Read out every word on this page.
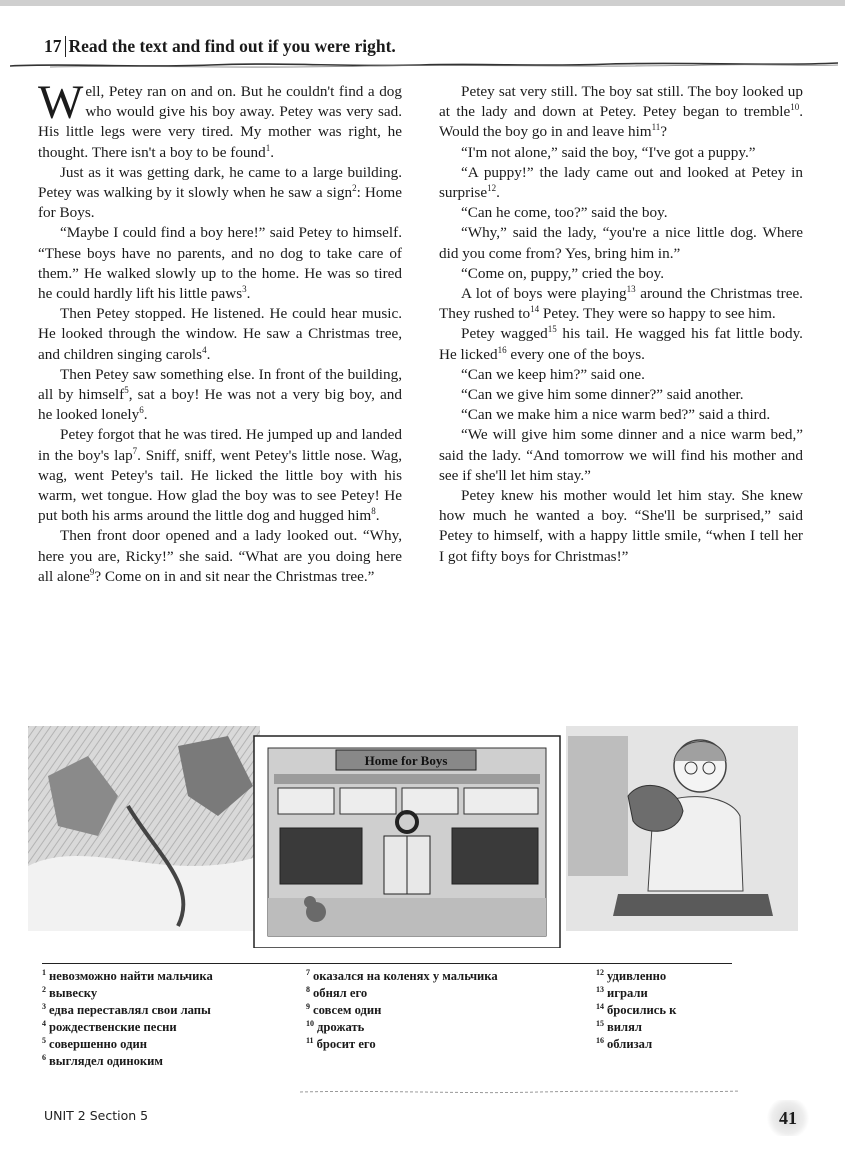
17 Read the text and find out if you were right.

Well, Petey ran on and on. But he couldn't find a dog who would give his boy away. Petey was very sad. His little legs were very tired. My mother was right, he thought. There isn't a boy to be found$^1$.

Just as it was getting dark, he came to a large building. Petey was walking by it slowly when he saw a sign$^2$: Home for Boys.

“Maybe I could find a boy here!” said Petey to himself. “These boys have no parents, and no dog to take care of them.” He walked slowly up to the home. He was so tired he could hardly lift his little paws$^3$.

Then Petey stopped. He listened. He could hear music. He looked through the window. He saw a Christmas tree, and children singing carols$^4$.

Then Petey saw something else. In front of the building, all by himself$^5$, sat a boy! He was not a very big boy, and he looked lonely$^6$.

Petey forgot that he was tired. He jumped up and landed in the boy's lap$^7$. Sniff, sniff, went Petey's little nose. Wag, wag, went Petey's tail. He licked the little boy with his warm, wet tongue. How glad the boy was to see Petey! He put both his arms around the little dog and hugged him$^8$.

Then front door opened and a lady looked out. “Why, here you are, Ricky!” she said. “What are you doing here all alone$^9$? Come on in and sit near the Christmas tree.”

Petey sat very still. The boy sat still. The boy looked up at the lady and down at Petey. Petey began to tremble$^{10}$. Would the boy go in and leave him$^{11}$?

“I'm not alone,” said the boy, “I've got a puppy.”

“A puppy!” the lady came out and looked at Petey in surprise$^{12}$.

“Can he come, too?” said the boy.

“Why,” said the lady, “you're a nice little dog. Where did you come from? Yes, bring him in.”

“Come on, puppy,” cried the boy.

A lot of boys were playing$^{13}$ around the Christmas tree. They rushed $to^{14}$ Petey. They were so happy to see him.

Petey wagged$^{15}$ his tail. He wagged his fat little body. He licked$^{16}$ every one of the boys.

“Can we keep him?” said one.

“Can we give him some dinner?” said another.

“Can we make him a nice warm bed?” said a third.

“We will give him some dinner and a nice warm bed,” said the lady. “And tomorrow we will find his mother and see if she'll let him stay.”

Petey knew his mother would let him stay. She knew how much he wanted a boy. “She'll be surprised,” said Petey to himself, with a happy little smile, “when I tell her I got fifty boys for Christmas!”

Home for Boys
$^1$ невозможно найти мальчика
$^2$ вывеску
$^3$ едва переставлял свои лапы
$^4$ рождественские песни
$^5$ совершенно один
$^6$ выглядел одиноким
$^7$ оказался на коленях у мальчика
$^8$ обнял его
$^9$ совсем один
$^{10}$ дрожать
$^{11}$ бросит его
$^{12}$ удивленно
$^{13}$ играли
$^{14}$ бросились к
$^{15}$ вилял
$^{16}$ облизал
UNIT 2 Section 5	41
